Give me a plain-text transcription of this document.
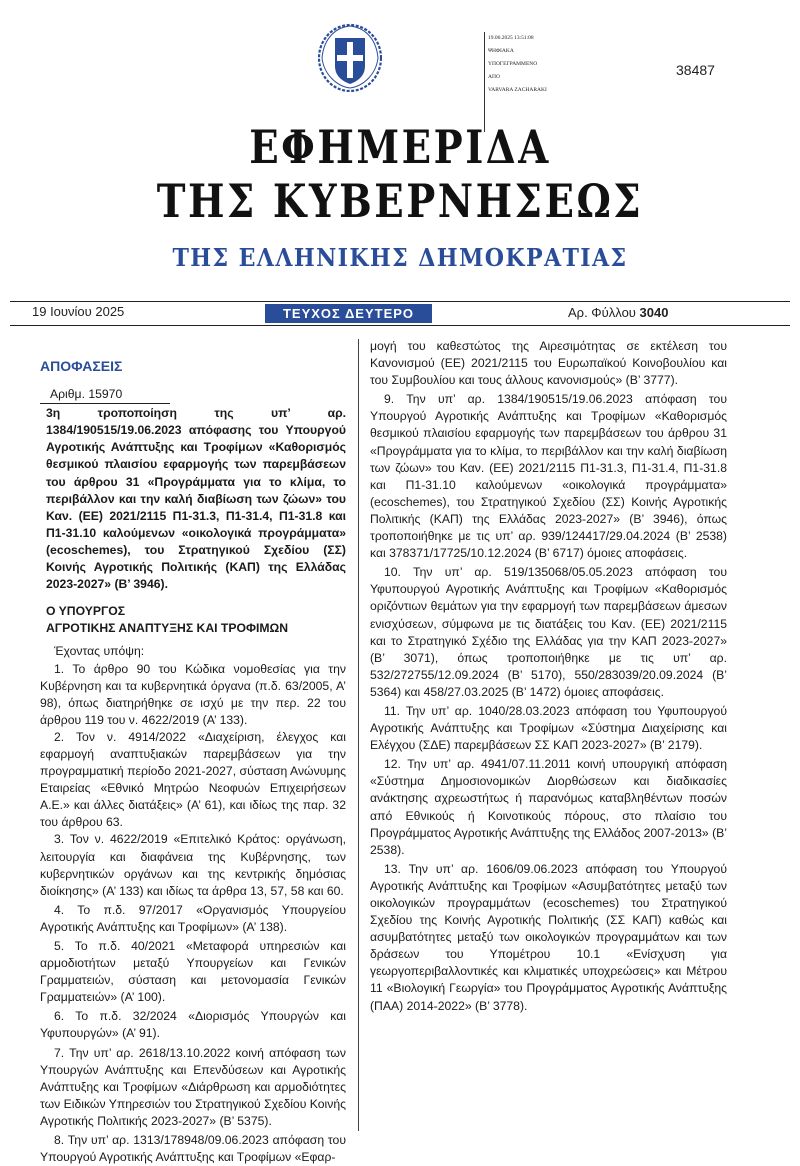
19.06.2025 13:51:08
ΨΗΦΙΑΚΑ
ΥΠΟΓΕΓΡΑΜΜΕΝΟ
ΑΠΟ
VARVARA ZACHARAKI
38487
ΕΦΗΜΕΡΙΔΑ
ΤΗΣ ΚΥΒΕΡΝΗΣΕΩΣ
ΤΗΣ ΕΛΛΗΝΙΚΗΣ ΔΗΜΟΚΡΑΤΙΑΣ
19 Ιουνίου 2025	ΤΕΥΧΟΣ ΔΕΥΤΕΡΟ	Αρ. Φύλλου 3040

ΑΠΟΦΑΣΕΙΣ

Αριθμ. 15970

3η τροποποίηση της υπ’ αρ. 1384/190515/19.06.2023 απόφασης του Υπουργού Αγροτικής Ανάπτυξης και Τροφίμων «Καθορισμός θεσμικού πλαισίου εφαρμογής των παρεμβάσεων του άρθρου 31 «Προγράμματα για το κλίμα, το περιβάλλον και την καλή διαβίωση των ζώων» του Καν. (ΕΕ) 2021/2115 Π1-31.3, Π1-31.4, Π1-31.8 και Π1-31.10 καλούμενων «οικολογικά προγράμματα» (ecoschemes), του Στρατηγικού Σχεδίου (ΣΣ) Κοινής Αγροτικής Πολιτικής (ΚΑΠ) της Ελλάδας 2023-2027» (Β’ 3946).

Ο ΥΠΟΥΡΓΟΣ

ΑΓΡΟΤΙΚΗΣ ΑΝΑΠΤΥΞΗΣ ΚΑΙ ΤΡΟΦΙΜΩΝ

Έχοντας υπόψη:

1. Το άρθρο 90 του Κώδικα νομοθεσίας για την Κυβέρνηση και τα κυβερνητικά όργανα (π.δ. 63/2005, Α’ 98), όπως διατηρήθηκε σε ισχύ με την περ. 22 του άρθρου 119 του ν. 4622/2019 (Α’ 133).

2. Τον ν. 4914/2022 «Διαχείριση, έλεγχος και εφαρμογή αναπτυξιακών παρεμβάσεων για την προγραμματική περίοδο 2021-2027, σύσταση Ανώνυμης Εταιρείας «Εθνικό Μητρώο Νεοφυών Επιχειρήσεων Α.Ε.» και άλλες διατάξεις» (Α’ 61), και ιδίως της παρ. 32 του άρθρου 63.

3. Τον ν. 4622/2019 «Επιτελικό Κράτος: οργάνωση, λειτουργία και διαφάνεια της Κυβέρνησης, των κυβερνητικών οργάνων και της κεντρικής δημόσιας διοίκησης» (Α’ 133) και ιδίως τα άρθρα 13, 57, 58 και 60.

4. Το π.δ. 97/2017 «Οργανισμός Υπουργείου Αγροτικής Ανάπτυξης και Τροφίμων» (Α’ 138).

5. Το π.δ. 40/2021 «Μεταφορά υπηρεσιών και αρμοδιοτήτων μεταξύ Υπουργείων και Γενικών Γραμματειών, σύσταση και μετονομασία Γενικών Γραμματειών» (Α’ 100).

6. Το π.δ. 32/2024 «Διορισμός Υπουργών και Υφυπουργών» (Α’ 91).

7. Την υπ’ αρ. 2618/13.10.2022 κοινή απόφαση των Υπουργών Ανάπτυξης και Επενδύσεων και Αγροτικής Ανάπτυξης και Τροφίμων «Διάρθρωση και αρμοδιότητες των Ειδικών Υπηρεσιών του Στρατηγικού Σχεδίου Κοινής Αγροτικής Πολιτικής 2023-2027» (Β’ 5375).

8. Την υπ’ αρ. 1313/178948/09.06.2023 απόφαση του Υπουργού Αγροτικής Ανάπτυξης και Τροφίμων «Εφαρ-

μογή του καθεστώτος της Αιρεσιμότητας σε εκτέλεση του Κανονισμού (ΕΕ) 2021/2115 του Ευρωπαϊκού Κοινοβουλίου και του Συμβουλίου και τους άλλους κανονισμούς» (Β’ 3777).

9. Την υπ’ αρ. 1384/190515/19.06.2023 απόφαση του Υπουργού Αγροτικής Ανάπτυξης και Τροφίμων «Καθορισμός θεσμικού πλαισίου εφαρμογής των παρεμβάσεων του άρθρου 31 «Προγράμματα για το κλίμα, το περιβάλλον και την καλή διαβίωση των ζώων» του Καν. (ΕΕ) 2021/2115 Π1-31.3, Π1-31.4, Π1-31.8 και Π1-31.10 καλούμενων «οικολογικά προγράμματα» (ecoschemes), του Στρατηγικού Σχεδίου (ΣΣ) Κοινής Αγροτικής Πολιτικής (ΚΑΠ) της Ελλάδας 2023-2027» (Β’ 3946), όπως τροποποιήθηκε με τις υπ’ αρ. 939/124417/29.04.2024 (Β’ 2538) και 378371/17725/10.12.2024 (Β’ 6717) όμοιες αποφάσεις.

10. Την υπ’ αρ. 519/135068/05.05.2023 απόφαση του Υφυπουργού Αγροτικής Ανάπτυξης και Τροφίμων «Καθορισμός οριζόντιων θεμάτων για την εφαρμογή των παρεμβάσεων άμεσων ενισχύσεων, σύμφωνα με τις διατάξεις του Καν. (ΕΕ) 2021/2115 και το Στρατηγικό Σχέδιο της Ελλάδας για την ΚΑΠ 2023-2027» (Β’ 3071), όπως τροποποιήθηκε με τις υπ’ αρ. 532/272755/12.09.2024 (Β’ 5170), 550/283039/20.09.2024 (Β’ 5364) και 458/27.03.2025 (Β’ 1472) όμοιες αποφάσεις.

11. Την υπ’ αρ. 1040/28.03.2023 απόφαση του Υφυπουργού Αγροτικής Ανάπτυξης και Τροφίμων «Σύστημα Διαχείρισης και Ελέγχου (ΣΔΕ) παρεμβάσεων ΣΣ ΚΑΠ 2023-2027» (Β’ 2179).

12. Την υπ’ αρ. 4941/07.11.2011 κοινή υπουργική απόφαση «Σύστημα Δημοσιονομικών Διορθώσεων και διαδικασίες ανάκτησης αχρεωστήτως ή παρανόμως καταβληθέντων ποσών από Εθνικούς ή Κοινοτικούς πόρους, στο πλαίσιο του Προγράμματος Αγροτικής Ανάπτυξης της Ελλάδος 2007-2013» (Β’ 2538).

13. Την υπ’ αρ. 1606/09.06.2023 απόφαση του Υπουργού Αγροτικής Ανάπτυξης και Τροφίμων «Ασυμβατότητες μεταξύ των οικολογικών προγραμμάτων (ecoschemes) του Στρατηγικού Σχεδίου της Κοινής Αγροτικής Πολιτικής (ΣΣ ΚΑΠ) καθώς και ασυμβατότητες μεταξύ των οικολογικών προγραμμάτων και των δράσεων του Υπομέτρου 10.1 «Ενίσχυση για γεωργοπεριβαλλοντικές και κλιματικές υποχρεώσεις» και Μέτρου 11 «Βιολογική Γεωργία» του Προγράμματος Αγροτικής Ανάπτυξης (ΠΑΑ) 2014-2022» (Β’ 3778).
